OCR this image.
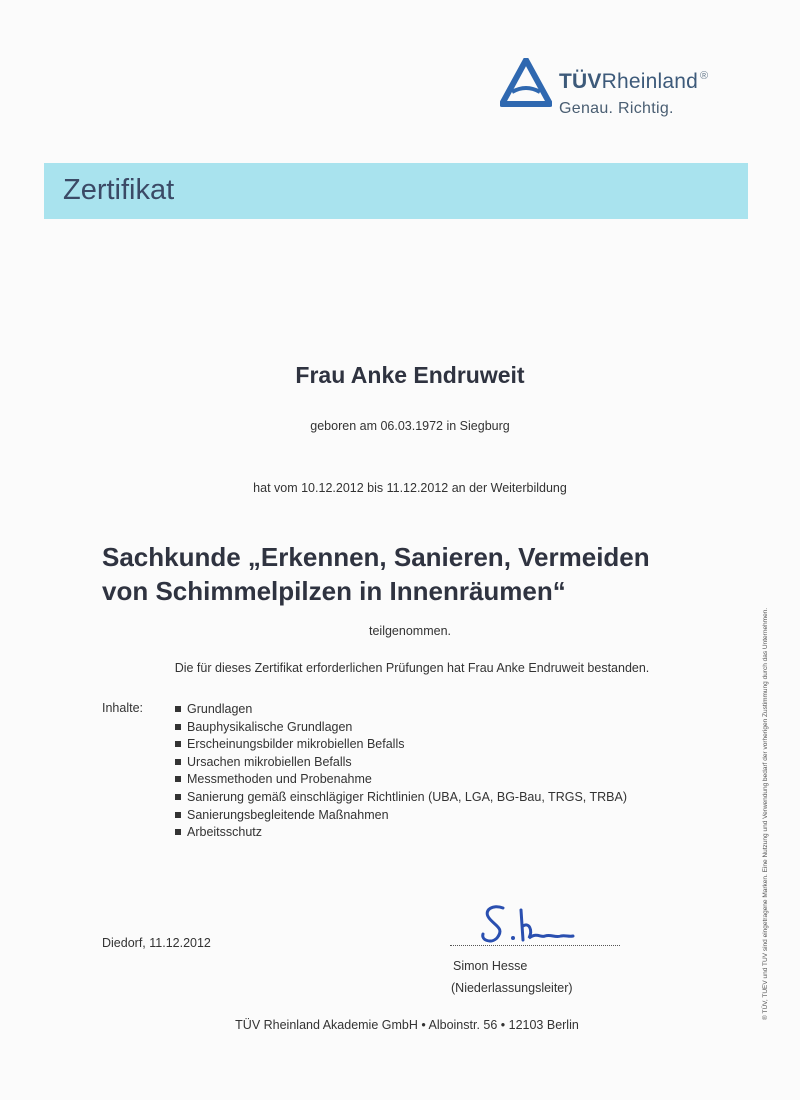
TÜVRheinland ®
Genau. Richtig.
Zertifikat
Frau Anke Endruweit
geboren am 06.03.1972 in Siegburg
hat vom 10.12.2012 bis 11.12.2012 an der Weiterbildung
Sachkunde „Erkennen, Sanieren, Vermeiden
von Schimmelpilzen in Innenräumen“
teilgenommen.
Die für dieses Zertifikat erforderlichen Prüfungen hat Frau Anke Endruweit bestanden.
Inhalte:	Grundlagen
Bauphysikalische Grundlagen
Erscheinungsbilder mikrobiellen Befalls
Ursachen mikrobiellen Befalls
Messmethoden und Probenahme
Sanierung gemäß einschlägiger Richtlinien (UBA, LGA, BG-Bau, TRGS, TRBA)
Sanierungsbegleitende Maßnahmen
Arbeitsschutz
Diedorf, 11.12.2012
Simon Hesse
(Niederlassungsleiter)
TÜV Rheinland Akademie GmbH • Alboinstr. 56 • 12103 Berlin
® TÜV, TUEV und TUV sind eingetragene Marken. Eine Nutzung und Verwendung bedarf der vorherigen Zustimmung durch das Unternehmen.
